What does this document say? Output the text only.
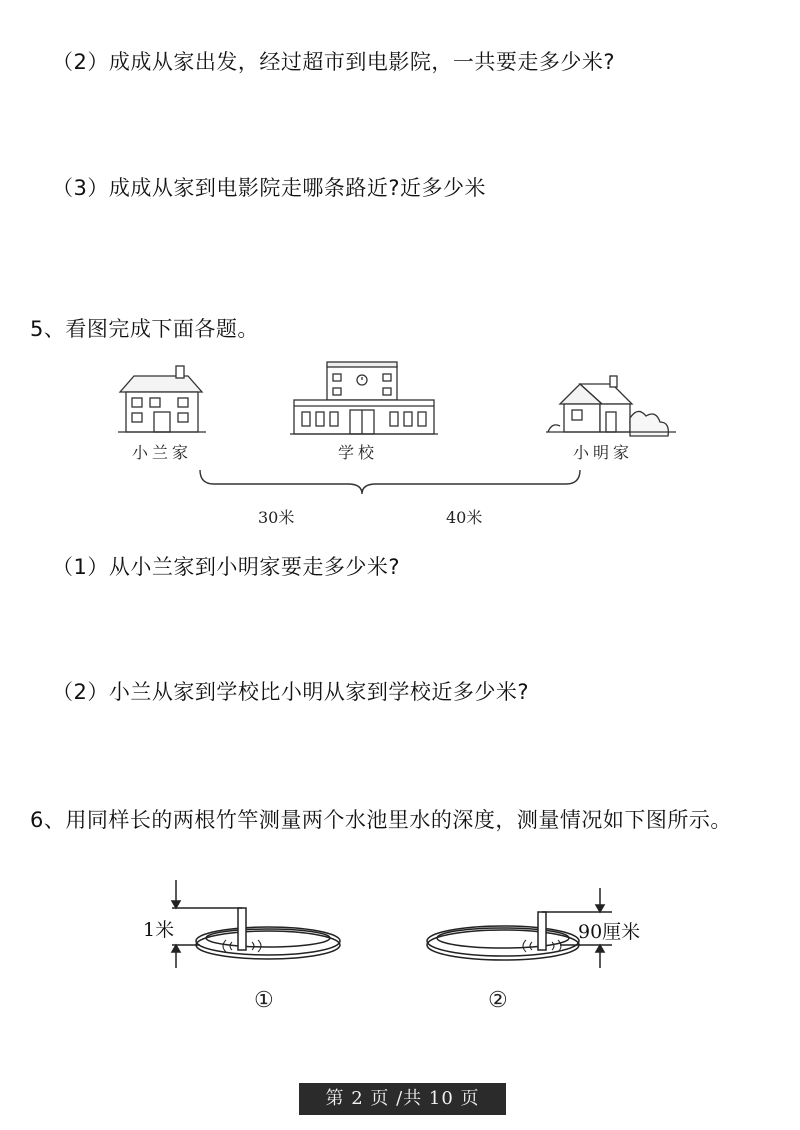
（2）成成从家出发，经过超市到电影院，一共要走多少米?
（3）成成从家到电影院走哪条路近?近多少米
5、看图完成下面各题。
（1）从小兰家到小明家要走多少米?
（2）小兰从家到学校比小明从家到学校近多少米?
6、用同样长的两根竹竿测量两个水池里水的深度，测量情况如下图所示。
小兰家	学校	小明家
30米	40米
1米	90厘米
①	②
第 2 页 /共 10 页
